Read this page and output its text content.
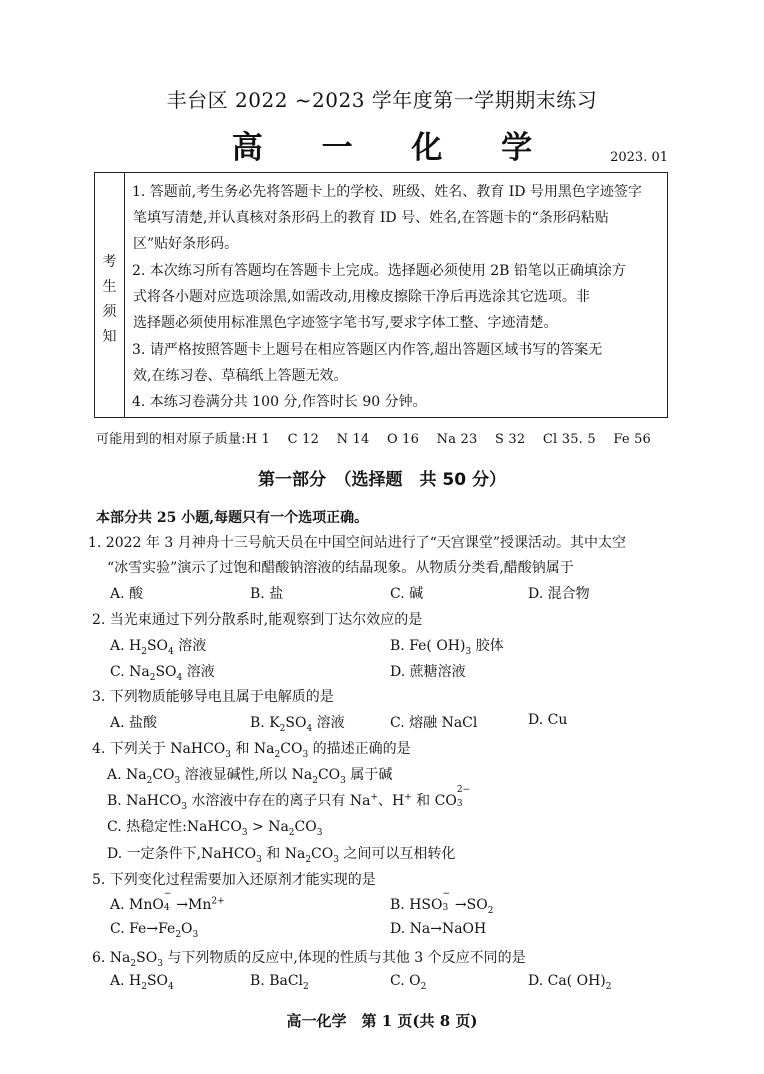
丰台区 2022 ~2023 学年度第一学期期末练习
高 一 化 学	2023. 01
考
生
须
知
1. 答题前,考生务必先将答题卡上的学校、班级、姓名、教育 ID 号用黑色字迹签字
笔填写清楚,并认真核对条形码上的教育 ID 号、姓名,在答题卡的“条形码粘贴
区”贴好条形码。
2. 本次练习所有答题均在答题卡上完成。选择题必须使用 2B 铅笔以正确填涂方
式将各小题对应选项涂黑,如需改动,用橡皮擦除干净后再选涂其它选项。非
选择题必须使用标准黑色字迹签字笔书写,要求字体工整、字迹清楚。
3. 请严格按照答题卡上题号在相应答题区内作答,超出答题区域书写的答案无
效,在练习卷、草稿纸上答题无效。
4. 本练习卷满分共 100 分,作答时长 90 分钟。
可能用到的相对原子质量:H 1　 C 12　 N 14　 O 16　 Na 23　 S 32　 Cl 35. 5　 Fe 56
第一部分　（选择题　共 50 分）
本部分共 25 小题,每题只有一个选项正确。
1. 2022 年 3 月神舟十三号航天员在中国空间站进行了“天宫课堂”授课活动。其中太空
“冰雪实验”演示了过饱和醋酸钠溶液的结晶现象。从物质分类看,醋酸钠属于
A. 酸	B. 盐	C. 碱	D. 混合物
2. 当光束通过下列分散系时,能观察到丁达尔效应的是
A. $H_2SO_4$ 溶液	B. Fe( $OH)_3$ 胶体
C. $Na_2SO_4$ 溶液	D. 蔗糖溶液
3. 下列物质能够导电且属于电解质的是
A. 盐酸	B. $K_2SO_4$ 溶液	C. 熔融 NaCl	D. Cu
4. 下列关于 NaHCO$_3$ 和 $Na_2CO_3$ 的描述正确的是
A. $Na_2CO_3$ 溶液显碱性,所以 $Na_2CO_3$ 属于碱
B. NaHCO$_3$ 水溶液中存在的离子只有 Na+、H+ 和 CO
2−
3
C. 热稳定性:NaHCO$_3$ > $Na_2CO_3$
D. 一定条件下,NaHCO$_3$ 和 $Na_2CO_3$ 之间可以互相转化
5. 下列变化过程需要加入还原剂才能实现的是
A. MnO
−
$4 \to Mn^{2+}$	B. HSO
−
$3 \to SO_2$
C. $Fe\to Fe_2O_3$	D. Na→NaOH
6. $Na_2SO_3$ 与下列物质的反应中,体现的性质与其他 3 个反应不同的是
A. $H_2SO_4$	B. BaCl$_2$	C. $O_2$	D. Ca( $OH)_2$
高一化学　第 1 页(共 8 页)
